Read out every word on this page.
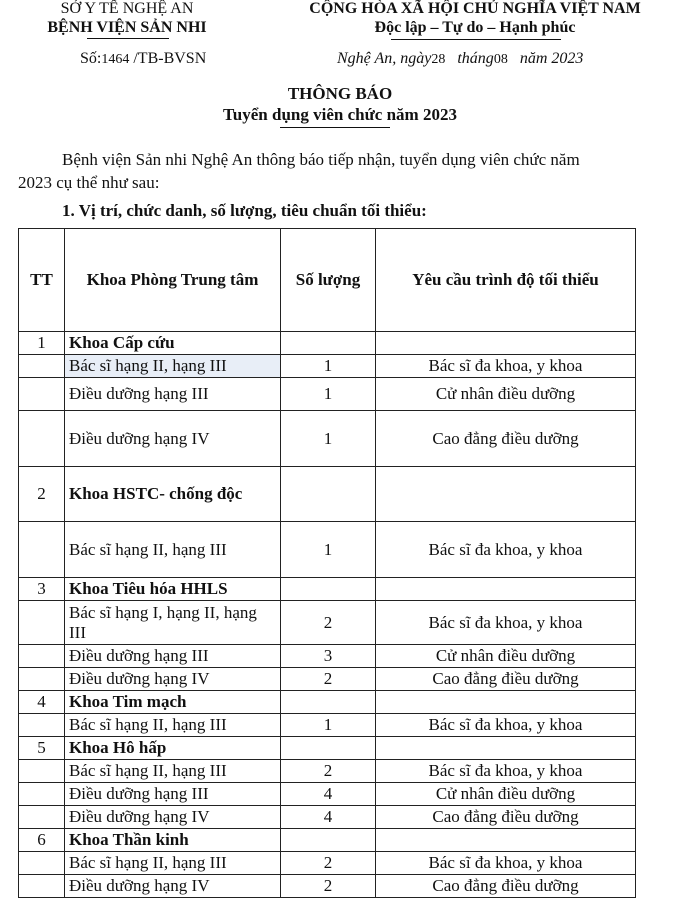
SỞ Y TẾ NGHỆ AN
BỆNH VIỆN SẢN NHI
Số:1464 /TB-BVSN
CỘNG HÒA XÃ HỘI CHỦ NGHĨA VIỆT NAM
Độc lập – Tự do – Hạnh phúc
Nghệ An, ngày28 tháng08 năm 2023
THÔNG BÁO
Tuyển dụng viên chức năm 2023
Bệnh viện Sản nhi Nghệ An thông báo tiếp nhận, tuyển dụng viên chức năm
2023 cụ thể như sau:
1. Vị trí, chức danh, số lượng, tiêu chuẩn tối thiểu:
TT	Khoa Phòng Trung tâm	Số lượng	Yêu cầu trình độ tối thiểu
1	Khoa Cấp cứu		
	Bác sĩ hạng II, hạng III	1	Bác sĩ đa khoa, y khoa
	Điều dưỡng hạng III	1	Cử nhân điều dưỡng
	Điều dưỡng hạng IV	1	Cao đẳng điều dưỡng
2	Khoa HSTC- chống độc		
	Bác sĩ hạng II, hạng III	1	Bác sĩ đa khoa, y khoa
3	Khoa Tiêu hóa HHLS		
	Bác sĩ hạng I, hạng II, hạng III	2	Bác sĩ đa khoa, y khoa
	Điều dưỡng hạng III	3	Cử nhân điều dưỡng
	Điều dưỡng hạng IV	2	Cao đẳng điều dưỡng
4	Khoa Tim mạch		
	Bác sĩ hạng II, hạng III	1	Bác sĩ đa khoa, y khoa
5	Khoa Hô hấp		
	Bác sĩ hạng II, hạng III	2	Bác sĩ đa khoa, y khoa
	Điều dưỡng hạng III	4	Cử nhân điều dưỡng
	Điều dưỡng hạng IV	4	Cao đẳng điều dưỡng
6	Khoa Thần kinh		
	Bác sĩ hạng II, hạng III	2	Bác sĩ đa khoa, y khoa
	Điều dưỡng hạng IV	2	Cao đẳng điều dưỡng
